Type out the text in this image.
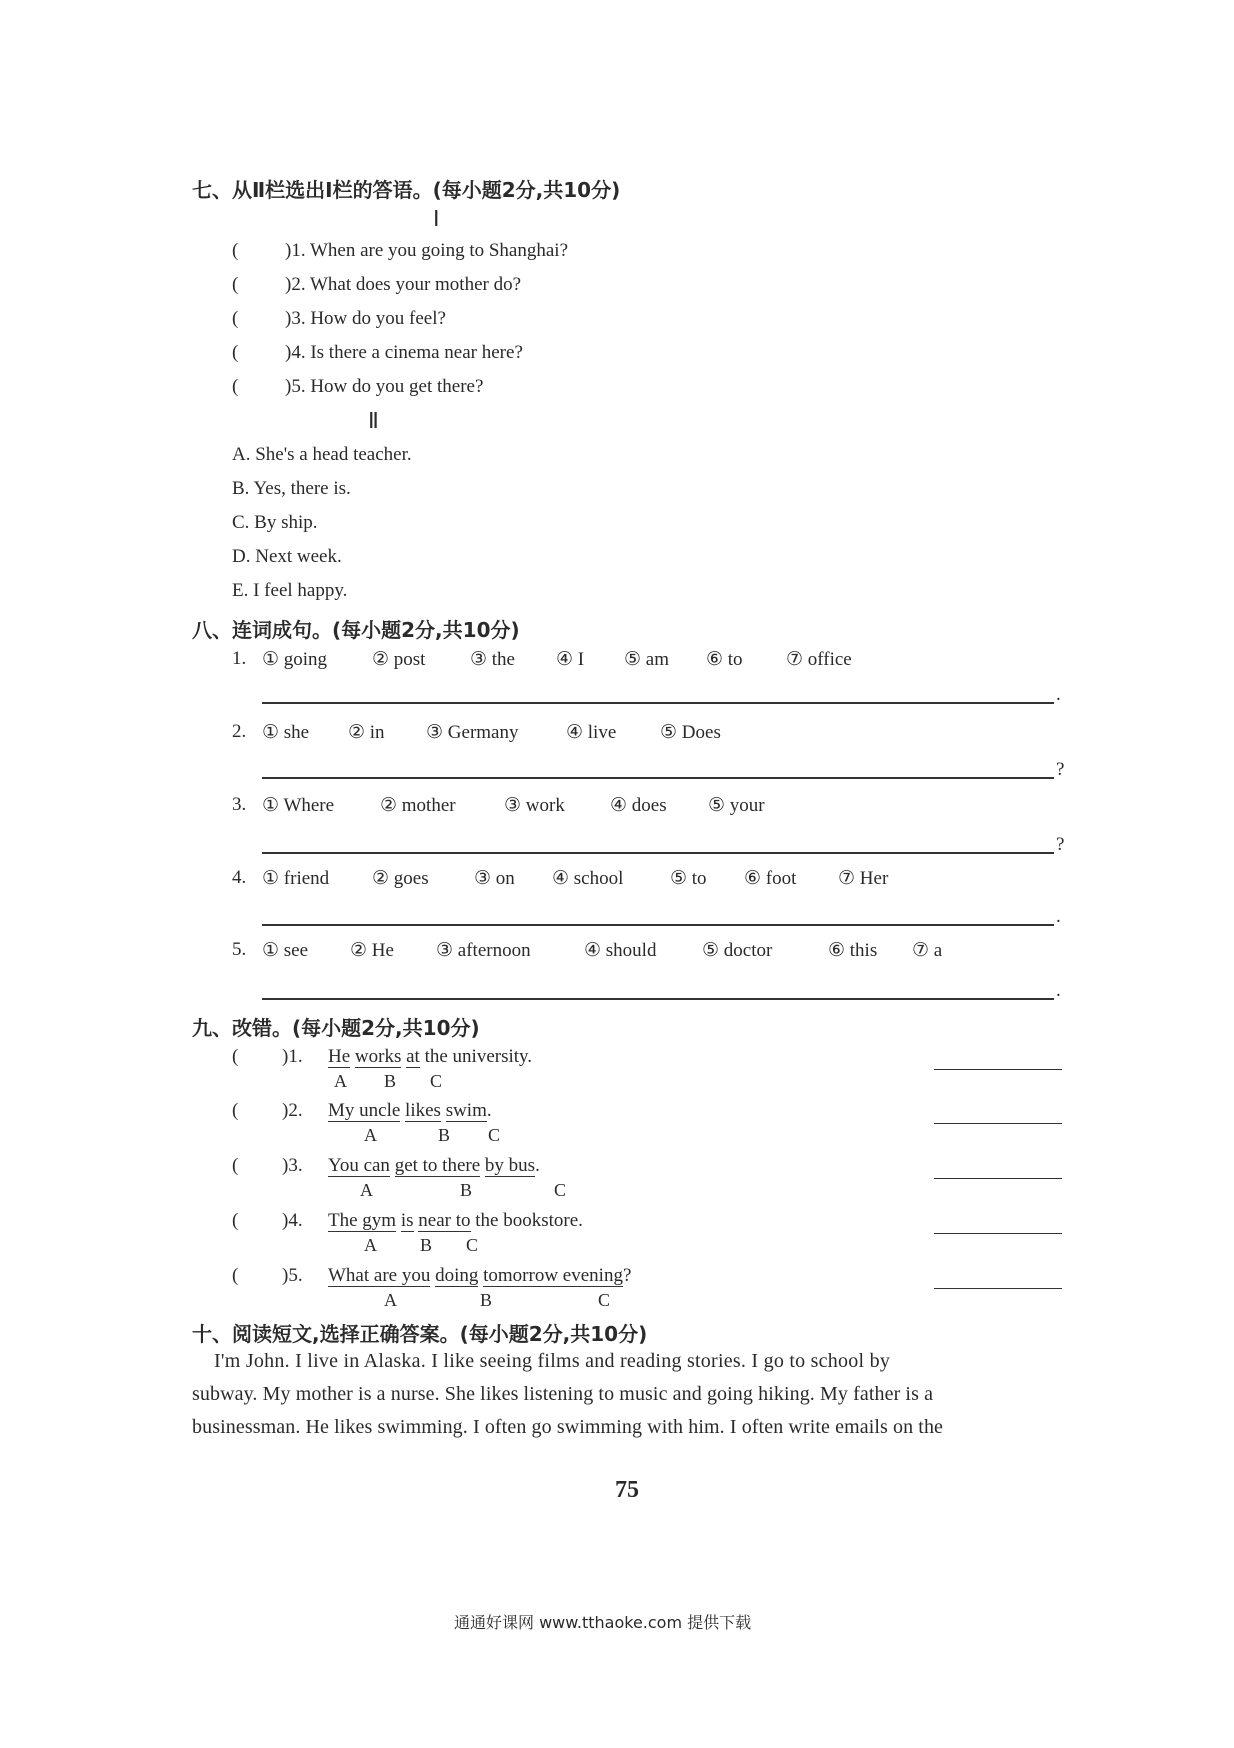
七、从Ⅱ栏选出Ⅰ栏的答语。(每小题2分,共10分)
Ⅰ
( )1. When are you going to Shanghai?
( )2. What does your mother do?
( )3. How do you feel?
( )4. Is there a cinema near here?
( )5. How do you get there?
Ⅱ
A. She's a head teacher.
B. Yes, there is.
C. By ship.
D. Next week.
E. I feel happy.
八、连词成句。(每小题2分,共10分)
1. ① going ② post ③ the ④ I ⑤ am ⑥ to ⑦ office
.
2. ① she ② in ③ Germany	④ live ⑤ Does
?
3. ① Where ② mother	③ work ④ does ⑤ your
?
4. ① friend ② goes ③ on ④ school ⑤ to ⑥ foot ⑦ Her
.
5. ① see ② He ③ afternoon	④ should ⑤ doctor	⑥ this ⑦ a
.
九、改错。(每小题2分,共10分)
( )1. He works at the university.
A B C
( )2. My uncle likes swim.
A	B C
( )3. You can get to there by bus.
A	B	C
( )4. The gym is near to the bookstore.
A B C
( )5. What are you doing tomorrow evening?
A	B	C
十、阅读短文,选择正确答案。(每小题2分,共10分)
I'm John. I live in Alaska. I like seeing films and reading stories. I go to school by
subway. My mother is a nurse. She likes listening to music and going hiking. My father is a
businessman. He likes swimming. I often go swimming with him. I often write emails on the
75
通通好课网 www.tthaoke.com 提供下载
